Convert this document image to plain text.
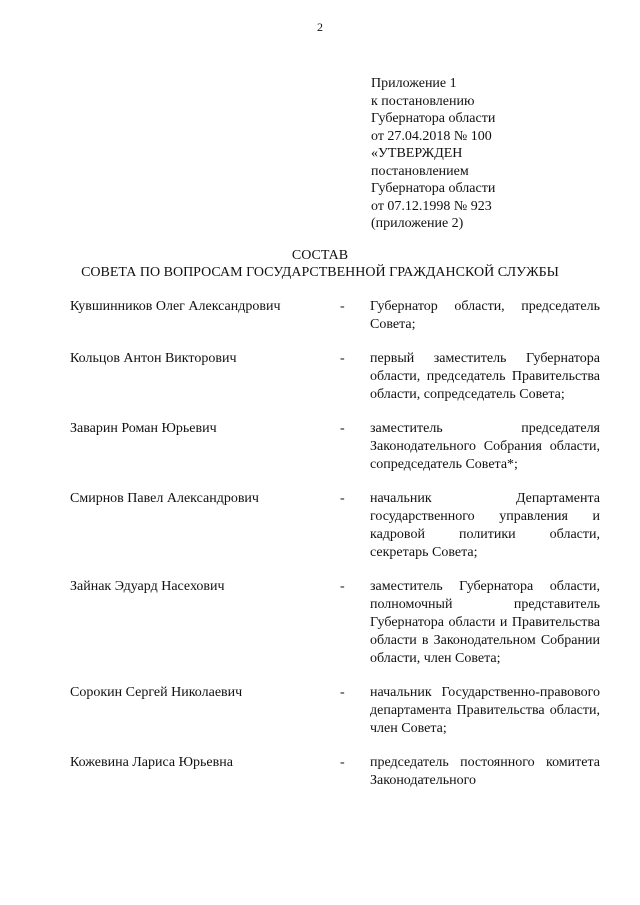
2
Приложение 1
к постановлению
Губернатора области
от 27.04.2018 № 100
«УТВЕРЖДЕН
постановлением
Губернатора области
от 07.12.1998 № 923
(приложение 2)
СОСТАВ
СОВЕТА ПО ВОПРОСАМ ГОСУДАРСТВЕННОЙ ГРАЖДАНСКОЙ СЛУЖБЫ
Кувшинников Олег Александрович	-	Губернатор области, председатель Совета;
Кольцов Антон Викторович	-	первый заместитель Губернатора области, председатель Правительства области, сопредседатель Совета;
Заварин Роман Юрьевич	-	заместитель председателя Законодательного Собрания области, сопредседатель Совета*;
Смирнов Павел Александрович	-	начальник Департамента государственного управления и кадровой политики области, секретарь Совета;
Зайнак Эдуард Насехович	-	заместитель Губернатора области, полномочный представитель Губернатора области и Правительства области в Законодательном Собрании области, член Совета;
Сорокин Сергей Николаевич	-	начальник Государственно-правового департамента Правительства области, член Совета;
Кожевина Лариса Юрьевна	-	председатель постоянного комитета Законодательного
